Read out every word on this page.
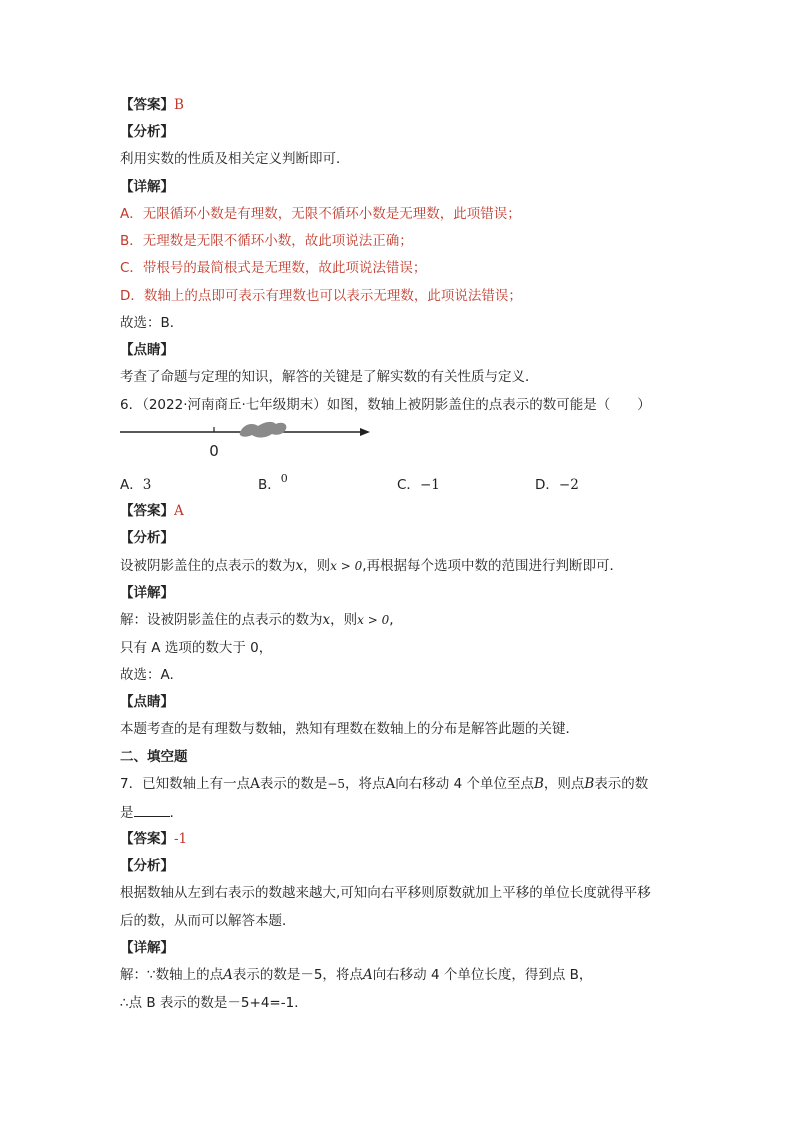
【答案】B
【分析】
利用实数的性质及相关定义判断即可．
【详解】
A．无限循环小数是有理数，无限不循环小数是无理数，此项错误；
B．无理数是无限不循环小数，故此项说法正确；
C．带根号的最简根式是无理数，故此项说法错误；
D．数轴上的点即可表示有理数也可以表示无理数，此项说法错误；
故选：B．
【点睛】
考查了命题与定理的知识，解答的关键是了解实数的有关性质与定义．
6．（2022·河南商丘·七年级期末）如图，数轴上被阴影盖住的点表示的数可能是（　　）
0
A．3	B．$^0$	C．−1	D．−2
【答案】A
【分析】
设被阴影盖住的点表示的数为x，则x > 0,再根据每个选项中数的范围进行判断即可．
【详解】
解：设被阴影盖住的点表示的数为x，则x > 0,
只有 A 选项的数大于 0，
故选：A.
【点睛】
本题考查的是有理数与数轴，熟知有理数在数轴上的分布是解答此题的关键．
二、填空题
7．已知数轴上有一点A表示的数是−5，将点A向右移动 4 个单位至点B，则点B表示的数
是	.
【答案】-1
【分析】
根据数轴从左到右表示的数越来越大,可知向右平移则原数就加上平移的单位长度就得平移
后的数，从而可以解答本题．
【详解】
解：∵数轴上的点A表示的数是－5，将点A向右移动 4 个单位长度，得到点 B，
∴点 B 表示的数是－5+4=-1．
